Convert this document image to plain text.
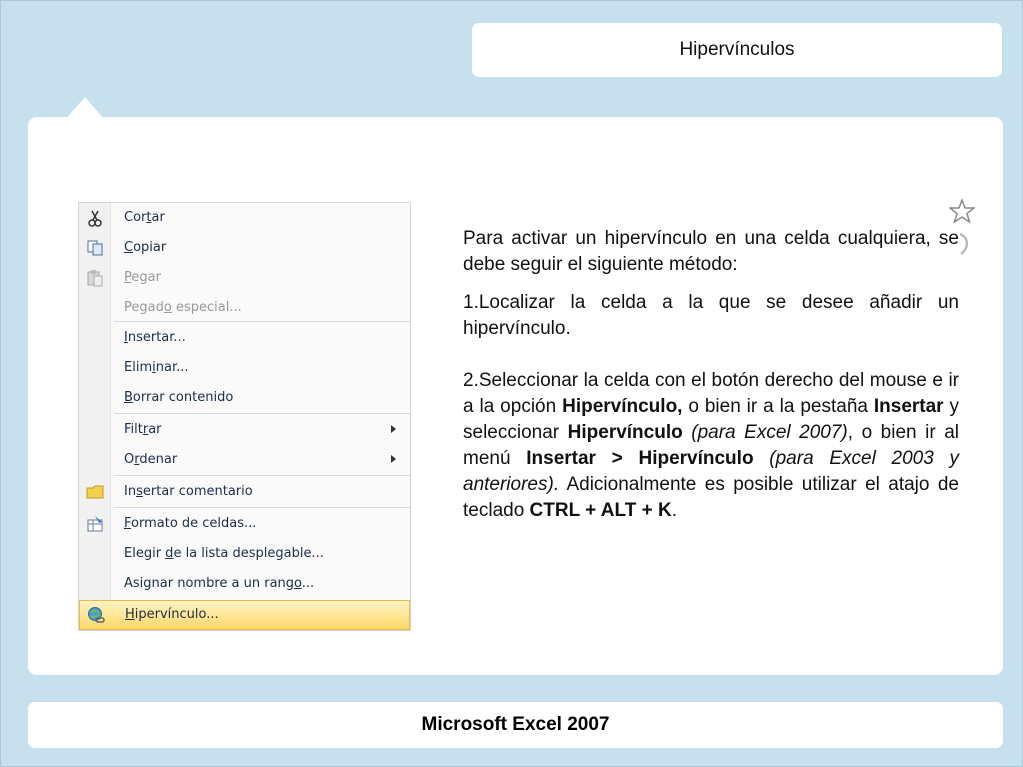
Hipervínculos
Cortar
Copiar
Pegar
Pegado especial...
Insertar...
Eliminar...
Borrar contenido
Filtrar
Ordenar
Insertar comentario
Formato de celdas...
Elegir de la lista desplegable...
Asignar nombre a un rango...
Hipervínculo...

Para activar un hipervínculo en una celda cualquiera, se debe seguir el siguiente método:

1.Localizar la celda a la que se desee añadir un hipervínculo.

2.Seleccionar la celda con el botón derecho del mouse e ir a la opción Hipervínculo, o bien ir a la pestaña Insertar y seleccionar Hipervínculo (para Excel 2007), o bien ir al menú Insertar > Hipervínculo (para Excel 2003 y anteriores). Adicionalmente es posible utilizar el atajo de teclado CTRL + ALT + K.

Microsoft Excel 2007
